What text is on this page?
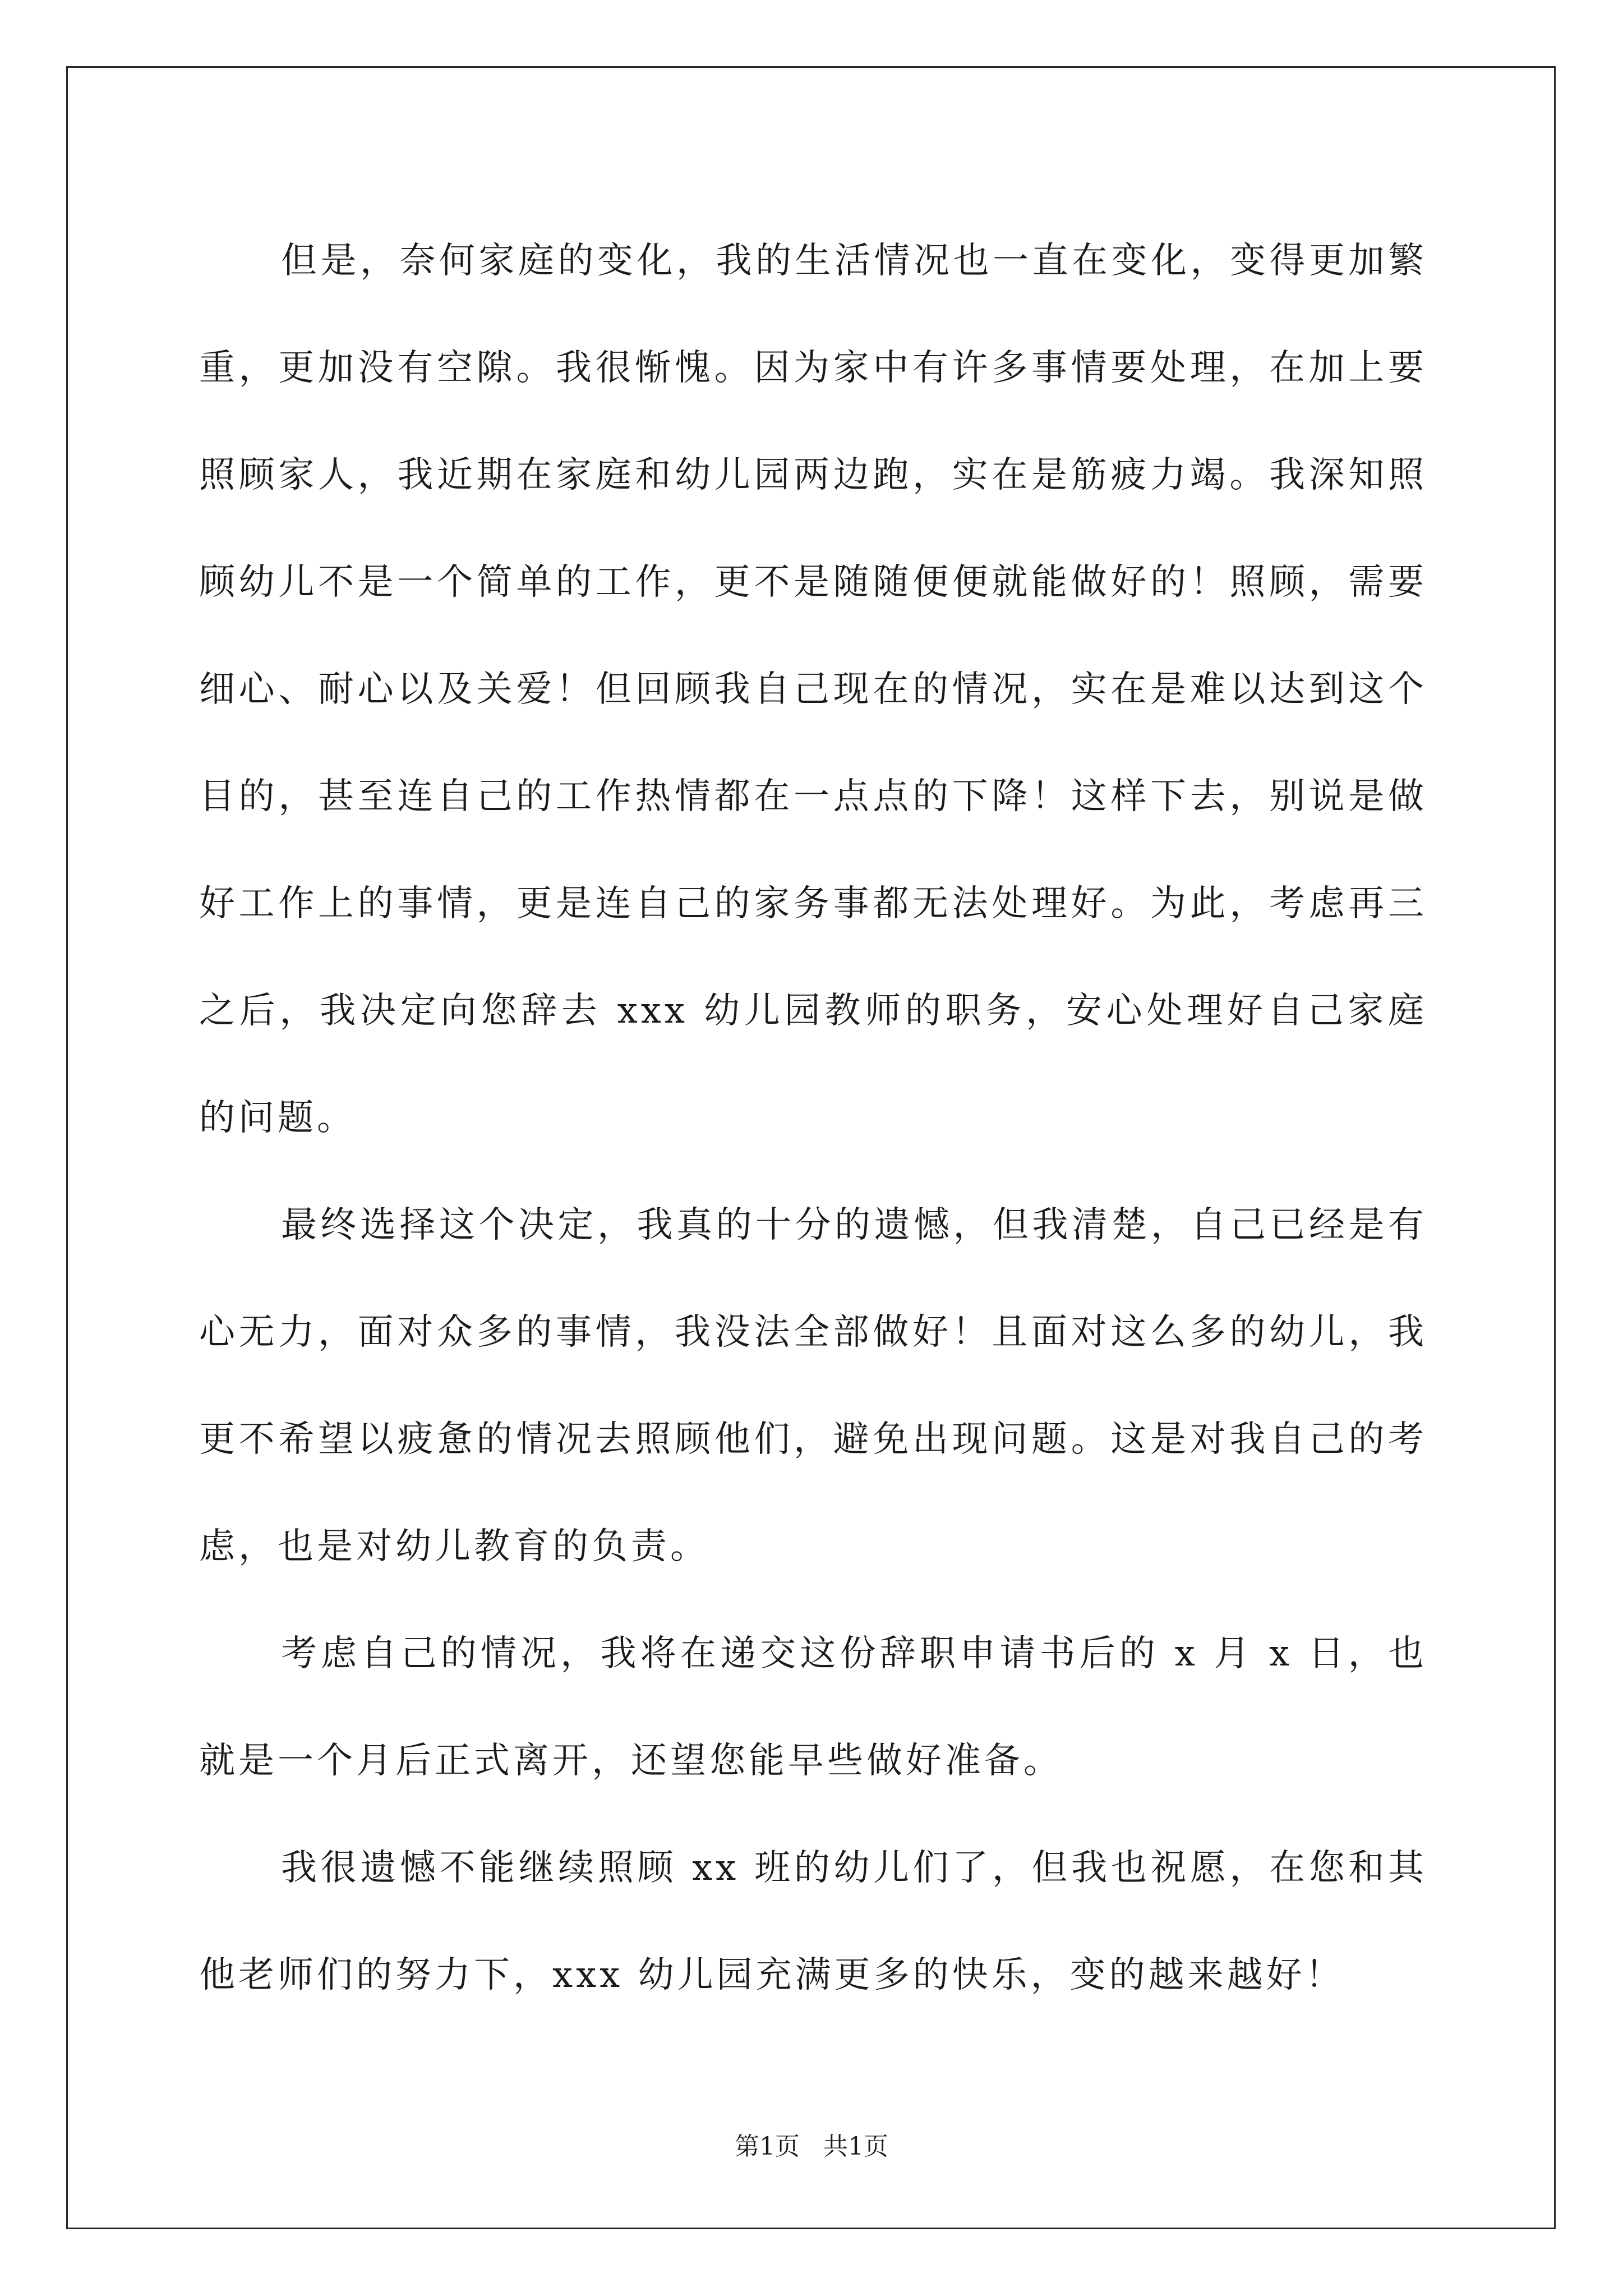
但是，奈何家庭的变化，我的生活情况也一直在变化，变得更加繁重，更加没有空隙。我很惭愧。因为家中有许多事情要处理，在加上要照顾家人，我近期在家庭和幼儿园两边跑，实在是筋疲力竭。我深知照顾幼儿不是一个简单的工作，更不是随随便便就能做好的！照顾，需要细心、耐心以及关爱！但回顾我自己现在的情况，实在是难以达到这个目的，甚至连自己的工作热情都在一点点的下降！这样下去，别说是做好工作上的事情，更是连自己的家务事都无法处理好。为此，考虑再三之后，我决定向您辞去 xxx 幼儿园教师的职务，安心处理好自己家庭的问题。

最终选择这个决定，我真的十分的遗憾，但我清楚，自己已经是有心无力，面对众多的事情，我没法全部做好！且面对这么多的幼儿，我更不希望以疲惫的情况去照顾他们，避免出现问题。这是对我自己的考虑，也是对幼儿教育的负责。

考虑自己的情况，我将在递交这份辞职申请书后的 x 月 x 日，也就是一个月后正式离开，还望您能早些做好准备。

我很遗憾不能继续照顾 xx 班的幼儿们了，但我也祝愿，在您和其他老师们的努力下，xxx 幼儿园充满更多的快乐，变的越来越好！

第1页   共1页
